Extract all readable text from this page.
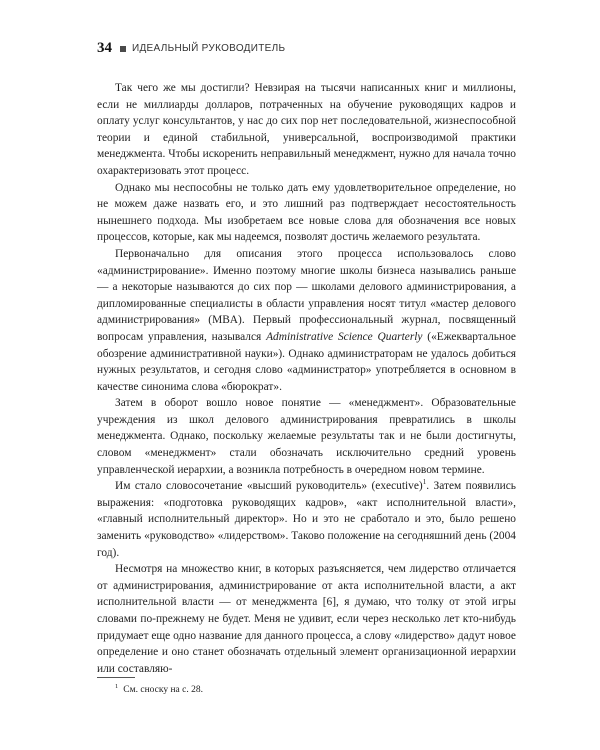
34 ИДЕАЛЬНЫЙ РУКОВОДИТЕЛЬ

Так чего же мы достигли? Невзирая на тысячи написанных книг и миллионы, если не миллиарды долларов, потраченных на обучение руководящих кадров и оплату услуг консультантов, у нас до сих пор нет последовательной, жизнеспособной теории и единой стабильной, универсальной, воспроизводимой практики менеджмента. Чтобы искоренить неправильный менеджмент, нужно для начала точно охарактеризовать этот процесс.

Однако мы неспособны не только дать ему удовлетворительное определение, но не можем даже назвать его, и это лишний раз подтверждает несостоятельность нынешнего подхода. Мы изобретаем все новые слова для обозначения все новых процессов, которые, как мы надеемся, позволят достичь желаемого результата.

Первоначально для описания этого процесса использовалось слово «администрирование». Именно поэтому многие школы бизнеса назывались раньше — а некоторые называются до сих пор — школами делового администрирования, а дипломированные специалисты в области управления носят титул «мастер делового администрирования» (MBA). Первый профессиональный журнал, посвященный вопросам управления, назывался Administrative Science Quarterly («Ежеквартальное обозрение административной науки»). Однако администраторам не удалось добиться нужных результатов, и сегодня слово «администратор» употребляется в основном в качестве синонима слова «бюрократ».

Затем в оборот вошло новое понятие — «менеджмент». Образовательные учреждения из школ делового администрирования превратились в школы менеджмента. Однако, поскольку желаемые результаты так и не были достигнуты, словом «менеджмент» стали обозначать исключительно средний уровень управленческой иерархии, а возникла потребность в очередном новом термине.

Им стало словосочетание «высший руководитель» (executive)$^1$. Затем появились выражения: «подготовка руководящих кадров», «акт исполнительной власти», «главный исполнительный директор». Но и это не сработало и это, было решено заменить «руководство» «лидерством». Таково положение на сегодняшний день (2004 год).

Несмотря на множество книг, в которых разъясняется, чем лидерство отличается от администрирования, администрирование от акта исполнительной власти, а акт исполнительной власти — от менеджмента [6], я думаю, что толку от этой игры словами по-прежнему не будет. Меня не удивит, если через несколько лет кто-нибудь придумает еще одно название для данного процесса, а слову «лидерство» дадут новое определение и оно станет обозначать отдельный элемент организационной иерархии или составляю-

$^1$ См. сноску на с. 28.
